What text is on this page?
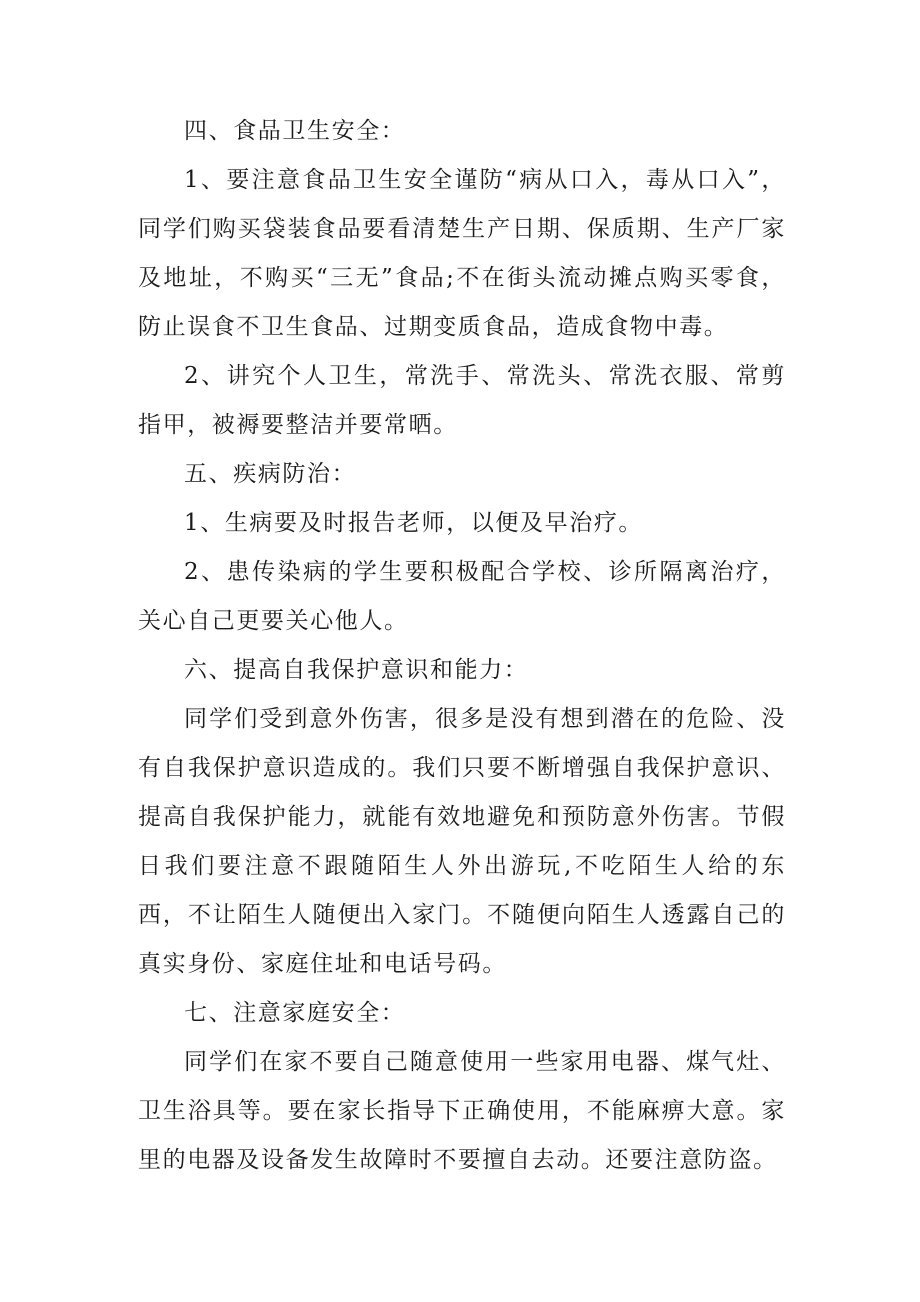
四、食品卫生安全：

1、要注意食品卫生安全谨防“病从口入，毒从口入”，同学们购买袋装食品要看清楚生产日期、保质期、生产厂家及地址，不购买“三无”食品;不在街头流动摊点购买零食，防止误食不卫生食品、过期变质食品，造成食物中毒。

2、讲究个人卫生，常洗手、常洗头、常洗衣服、常剪指甲，被褥要整洁并要常晒。

五、疾病防治：

1、生病要及时报告老师，以便及早治疗。

2、患传染病的学生要积极配合学校、诊所隔离治疗，关心自己更要关心他人。

六、提高自我保护意识和能力：

同学们受到意外伤害，很多是没有想到潜在的危险、没有自我保护意识造成的。我们只要不断增强自我保护意识、提高自我保护能力，就能有效地避免和预防意外伤害。节假日我们要注意不跟随陌生人外出游玩,不吃陌生人给的东西，不让陌生人随便出入家门。不随便向陌生人透露自己的真实身份、家庭住址和电话号码。

七、注意家庭安全：

同学们在家不要自己随意使用一些家用电器、煤气灶、卫生浴具等。要在家长指导下正确使用，不能麻痹大意。家里的电器及设备发生故障时不要擅自去动。还要注意防盗。
